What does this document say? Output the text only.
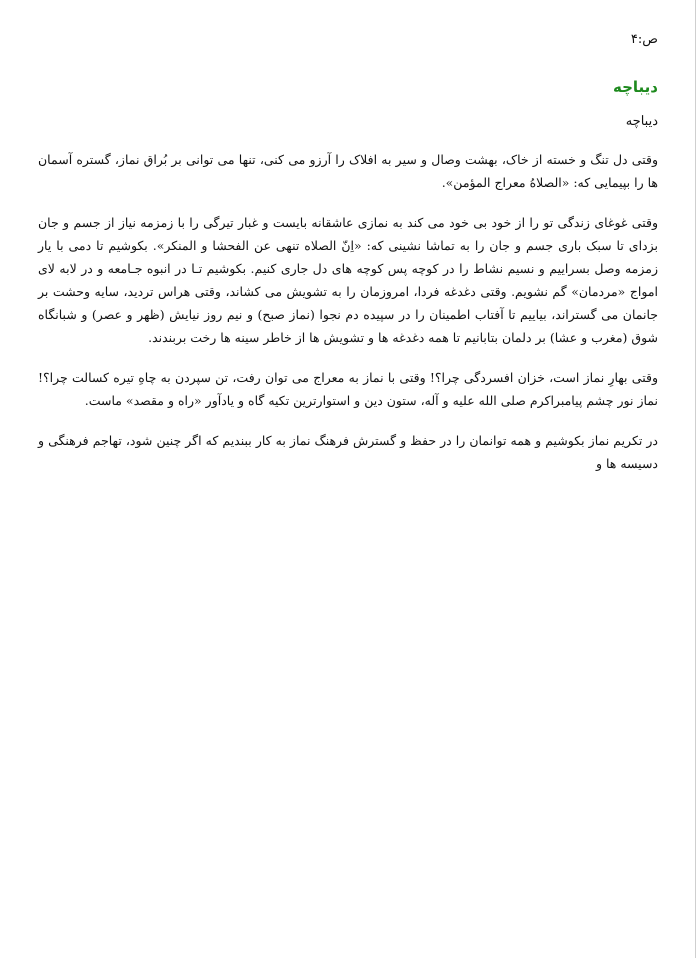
ص:۴
دیباچه
دیباچه

وقتی دل تنگ و خسته از خاک، بهشت وصال و سیر به افلاک را آرزو می کنی، تنها می توانی بر بُراق نماز، گستره آسمان ها را بپیمایی که: «الصلاهُ معراج المؤمن».

وقتی غوغای زندگی تو را از خود بی خود می کند به نمازی عاشقانه بایست و غبار تیرگی را با زمزمه نیاز از جسم و جان بزدای تا سبک باری جسم و جان را به تماشا نشینی که: «اِنّ الصلاه تنهی عن الفحشا و المنکر». بکوشیم تا دمی با یار زمزمه وصل بسراییم و نسیم نشاط را در کوچه پس کوچه های دل جاری کنیم. بکوشیم تـا در انبوه جـامعه و در لابه لای امواج «مردمان» گم نشویم. وقتی دغدغه فردا، امروزمان را به تشویش می کشاند، وقتی هراس تردید، سایه وحشت بر جانمان می گستراند، بیاییم تا آفتاب اطمینان را در سپیده دم نجوا (نماز صبح) و نیم روز نیایش (ظهر و عصر) و شبانگاه شوق (مغرب و عشا) بر دلمان بتابانیم تا همه دغدغه ها و تشویش ها از خاطر سینه ها رخت بربندند.

وقتی بهارِ نماز است، خزان افسردگی چرا؟! وقتی با نماز به معراج می توان رفت، تن سپردن به چاهِ تیره کسالت چرا؟! نماز نور چشم پیامبراکرم صلی الله علیه و آله، ستون دین و استوارترین تکیه گاه و یادآور «راه و مقصد» ماست.

در تکریم نماز بکوشیم و همه توانمان را در حفظ و گسترش فرهنگ نماز به کار ببندیم که اگر چنین شود، تهاجم فرهنگی و دسیسه ها و
